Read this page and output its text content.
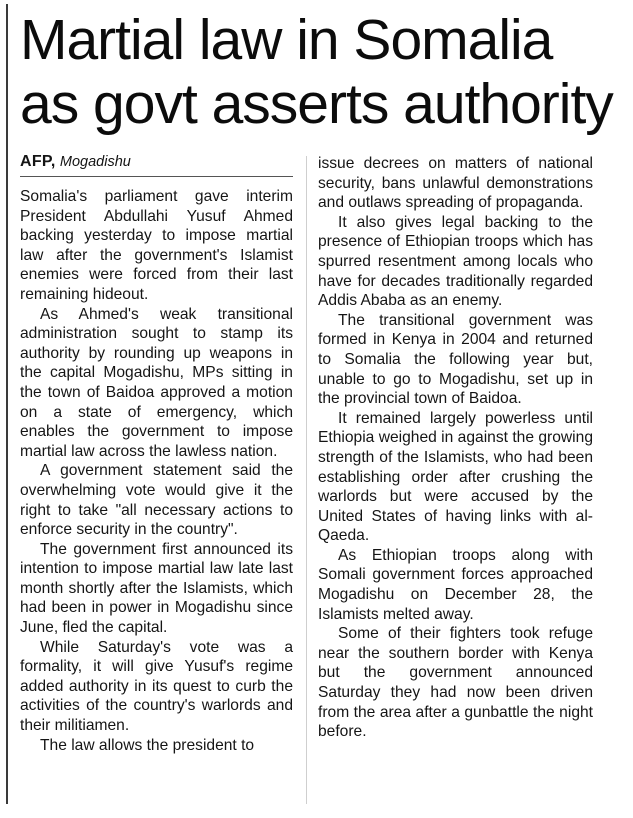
Martial law in Somalia
as govt asserts authority
AFP, Mogadishu

Somalia's parliament gave interim President Abdullahi Yusuf Ahmed backing yesterday to impose martial law after the government's Islamist enemies were forced from their last remaining hideout.

As Ahmed's weak transitional administration sought to stamp its authority by rounding up weapons in the capital Mogadishu, MPs sitting in the town of Baidoa approved a motion on a state of emergency, which enables the government to impose martial law across the lawless nation.

A government statement said the overwhelming vote would give it the right to take "all necessary actions to enforce security in the country".

The government first announced its intention to impose martial law late last month shortly after the Islamists, which had been in power in Mogadishu since June, fled the capital.

While Saturday's vote was a formality, it will give Yusuf's regime added authority in its quest to curb the activities of the country's warlords and their militiamen.

The law allows the president to

issue decrees on matters of national security, bans unlawful demonstrations and outlaws spreading of propaganda.

It also gives legal backing to the presence of Ethiopian troops which has spurred resentment among locals who have for decades traditionally regarded Addis Ababa as an enemy.

The transitional government was formed in Kenya in 2004 and returned to Somalia the following year but, unable to go to Mogadishu, set up in the provincial town of Baidoa.

It remained largely powerless until Ethiopia weighed in against the growing strength of the Islamists, who had been establishing order after crushing the warlords but were accused by the United States of having links with al-Qaeda.

As Ethiopian troops along with Somali government forces approached Mogadishu on December 28, the Islamists melted away.

Some of their fighters took refuge near the southern border with Kenya but the government announced Saturday they had now been driven from the area after a gunbattle the night before.
